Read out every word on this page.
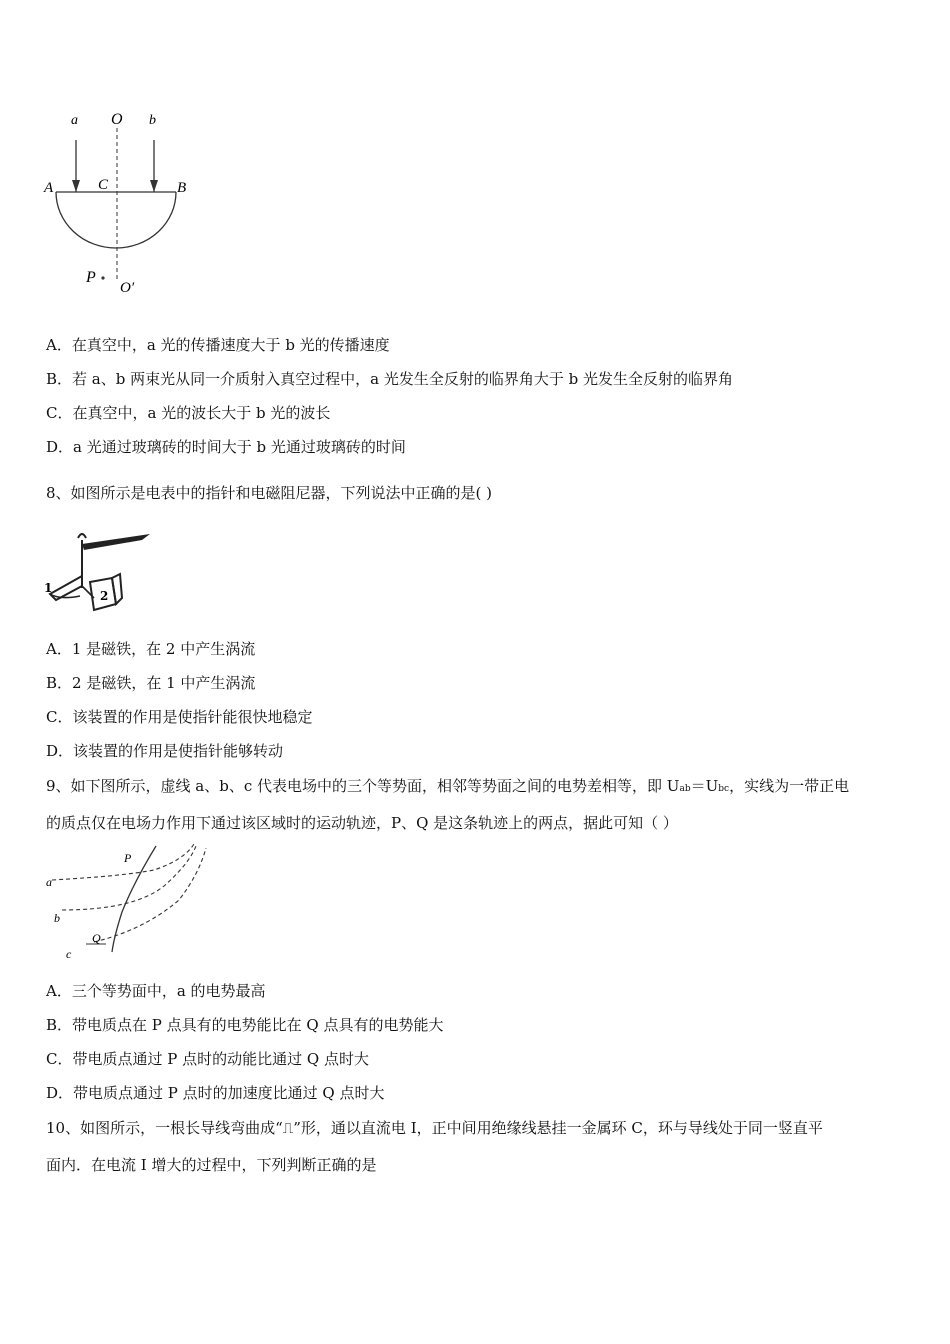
a O b
A	C	B
P
O′
A．在真空中，a 光的传播速度大于 b 光的传播速度
B．若 a、b 两束光从同一介质射入真空过程中，a 光发生全反射的临界角大于 b 光发生全反射的临界角
C．在真空中，a 光的波长大于 b 光的波长
D．a 光通过玻璃砖的时间大于 b 光通过玻璃砖的时间
8、如图所示是电表中的指针和电磁阻尼器，下列说法中正确的是( )
1
2
A．1 是磁铁，在 2 中产生涡流
B．2 是磁铁，在 1 中产生涡流
C．该装置的作用是使指针能很快地稳定
D．该装置的作用是使指针能够转动
9、如下图所示，虚线 a、b、c 代表电场中的三个等势面，相邻等势面之间的电势差相等，即 Uab＝Ubc，实线为一带正电
的质点仅在电场力作用下通过该区域时的运动轨迹，P、Q 是这条轨迹上的两点，据此可知（ ）
a
b
c
P
Q
A．三个等势面中，a 的电势最高
B．带电质点在 P 点具有的电势能比在 Q 点具有的电势能大
C．带电质点通过 P 点时的动能比通过 Q 点时大
D．带电质点通过 P 点时的加速度比通过 Q 点时大
10、如图所示，一根长导线弯曲成“⎍”形，通以直流电 I，正中间用绝缘线悬挂一金属环 C，环与导线处于同一竖直平
面内．在电流 I 增大的过程中，下列判断正确的是
